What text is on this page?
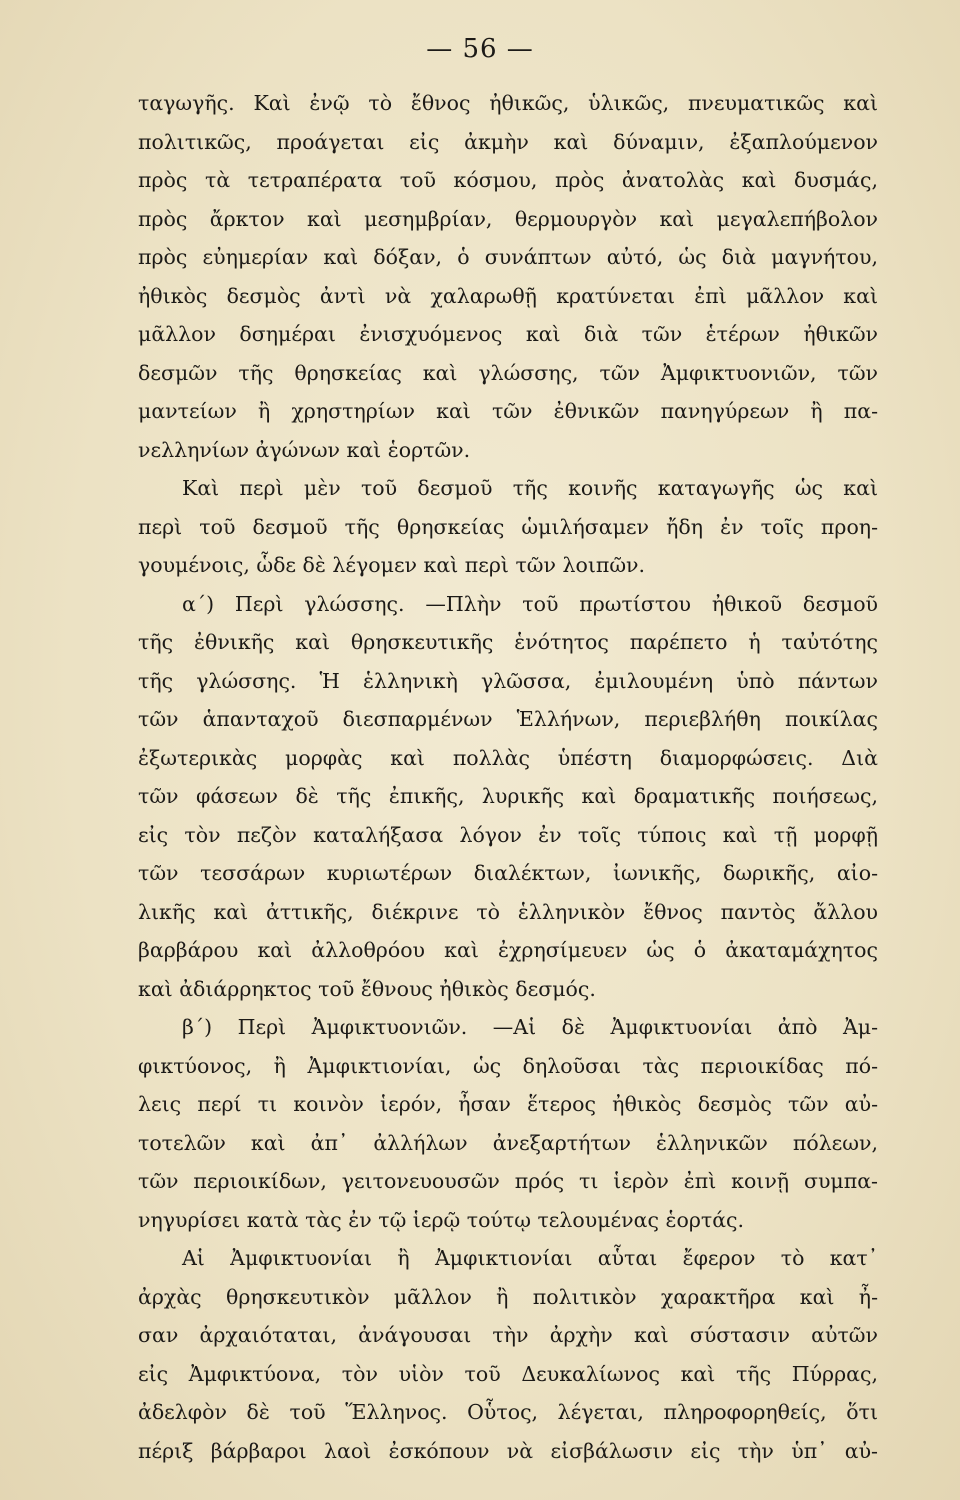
— 56 —
ταγωγῆς. Καὶ ἐνῷ τὸ ἔθνος ἠθικῶς, ὑλικῶς, πνευματικῶς καὶ
πολιτικῶς, προάγεται εἰς ἀκμὴν καὶ δύναμιν, ἐξαπλούμενον
πρὸς τὰ τετραπέρατα τοῦ κόσμου, πρὸς ἀνατολὰς καὶ δυσμάς,
πρὸς ἄρκτον καὶ μεσημβρίαν, θερμουργὸν καὶ μεγαλεπήβολον
πρὸς εὐημερίαν καὶ δόξαν, ὁ συνάπτων αὐτό, ὡς διὰ μαγνήτου,
ἠθικὸς δεσμὸς ἀντὶ νὰ χαλαρωθῇ κρατύνεται ἐπὶ μᾶλλον καὶ
μᾶλλον δσημέραι ἐνισχυόμενος καὶ διὰ τῶν ἑτέρων ἠθικῶν
δεσμῶν τῆς θρησκείας καὶ γλώσσης, τῶν Ἀμφικτυονιῶν, τῶν
μαντείων ἢ χρηστηρίων καὶ τῶν ἐθνικῶν πανηγύρεων ἢ πα-
νελληνίων ἀγώνων καὶ ἑορτῶν.
Καὶ περὶ μὲν τοῦ δεσμοῦ τῆς κοινῆς καταγωγῆς ὡς καὶ
περὶ τοῦ δεσμοῦ τῆς θρησκείας ὡμιλήσαμεν ἤδη ἐν τοῖς προη-
γουμένοις, ὧδε δὲ λέγομεν καὶ περὶ τῶν λοιπῶν.
α΄) Περὶ γλώσσης. —Πλὴν τοῦ πρωτίστου ἠθικοῦ δεσμοῦ
τῆς ἐθνικῆς καὶ θρησκευτικῆς ἑνότητος παρέπετο ἡ ταὐτότης
τῆς γλώσσης. Ἡ ἑλληνικὴ γλῶσσα, ἐμιλουμένη ὑπὸ πάντων
τῶν ἁπανταχοῦ διεσπαρμένων Ἑλλήνων, περιεβλήθη ποικίλας
ἐξωτερικὰς μορφὰς καὶ πολλὰς ὑπέστη διαμορφώσεις. Διὰ
τῶν φάσεων δὲ τῆς ἐπικῆς, λυρικῆς καὶ δραματικῆς ποιήσεως,
εἰς τὸν πεζὸν καταλήξασα λόγον ἐν τοῖς τύποις καὶ τῇ μορφῇ
τῶν τεσσάρων κυριωτέρων διαλέκτων, ἰωνικῆς, δωρικῆς, αἰο-
λικῆς καὶ ἀττικῆς, διέκρινε τὸ ἑλληνικὸν ἔθνος παντὸς ἄλλου
βαρβάρου καὶ ἀλλοθρόου καὶ ἐχρησίμευεν ὡς ὁ ἀκαταμάχητος
καὶ ἀδιάρρηκτος τοῦ ἔθνους ἠθικὸς δεσμός.
β΄) Περὶ Ἀμφικτυονιῶν. —Αἱ δὲ Ἀμφικτυονίαι ἀπὸ Ἀμ-
φικτύονος, ἢ Ἀμφικτιονίαι, ὡς δηλοῦσαι τὰς περιοικίδας πό-
λεις περί τι κοινὸν ἱερόν, ἦσαν ἕτερος ἠθικὸς δεσμὸς τῶν αὐ-
τοτελῶν καὶ ἀπ᾿ ἀλλήλων ἀνεξαρτήτων ἑλληνικῶν πόλεων,
τῶν περιοικίδων, γειτονευουσῶν πρός τι ἱερὸν ἐπὶ κοινῇ συμπα-
νηγυρίσει κατὰ τὰς ἐν τῷ ἱερῷ τούτῳ τελουμένας ἑορτάς.
Αἱ Ἀμφικτυονίαι ἢ Ἀμφικτιονίαι αὗται ἔφερον τὸ κατ᾿
ἀρχὰς θρησκευτικὸν μᾶλλον ἢ πολιτικὸν χαρακτῆρα καὶ ἦ-
σαν ἀρχαιόταται, ἀνάγουσαι τὴν ἀρχὴν καὶ σύστασιν αὐτῶν
εἰς Ἀμφικτύονα, τὸν υἱὸν τοῦ Δευκαλίωνος καὶ τῆς Πύρρας,
ἀδελφὸν δὲ τοῦ Ἕλληνος. Οὗτος, λέγεται, πληροφορηθείς, ὅτι
πέριξ βάρβαροι λαοὶ ἐσκόπουν νὰ εἰσβάλωσιν εἰς τὴν ὑπ᾿ αὐ-
